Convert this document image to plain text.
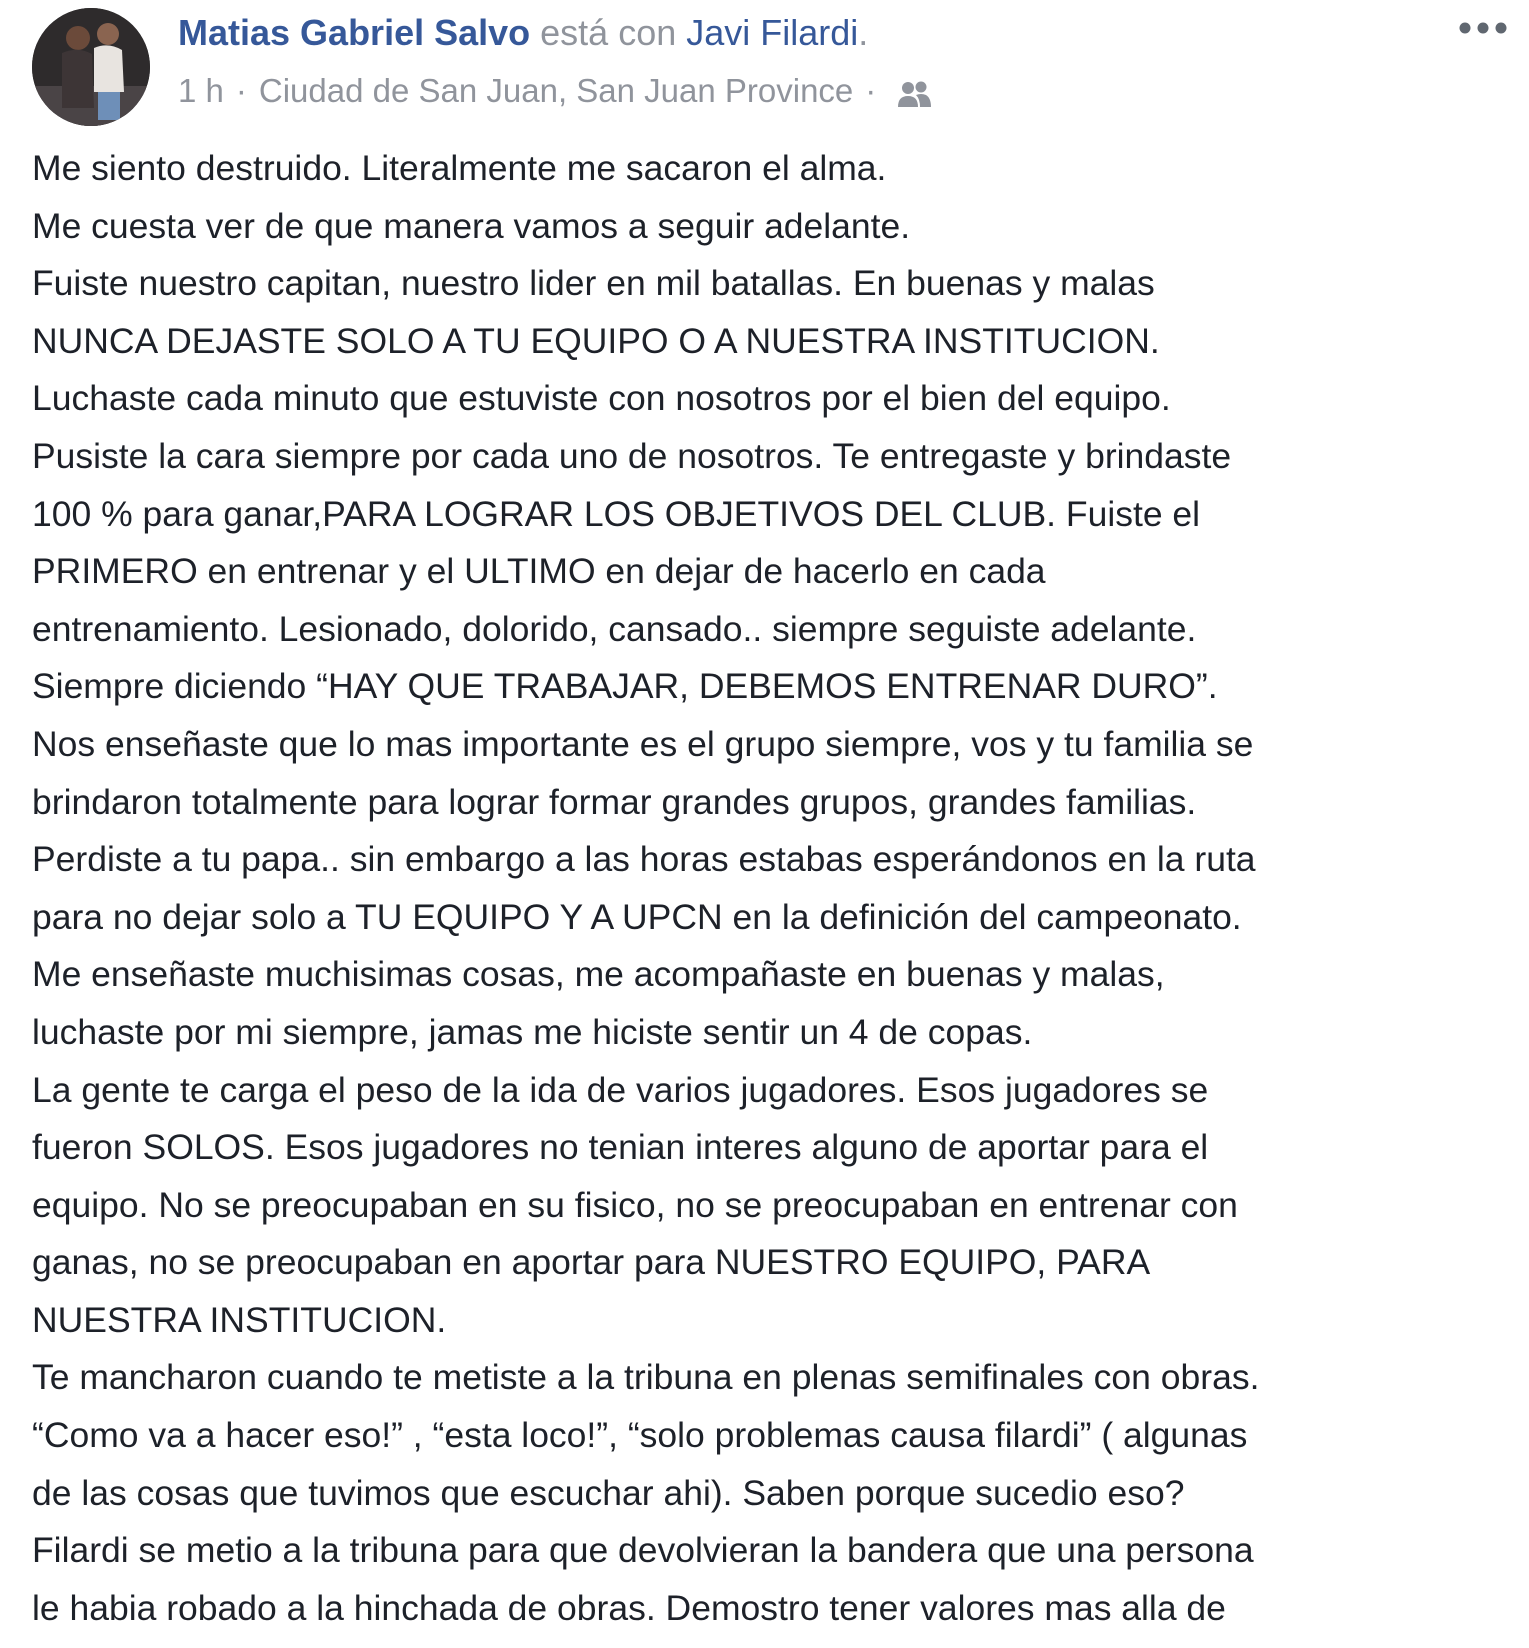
Matias Gabriel Salvo está con Javi Filardi.
1 h · Ciudad de San Juan, San Juan Province ·

Me siento destruido. Literalmente me sacaron el alma.

Me cuesta ver de que manera vamos a seguir adelante.

Fuiste nuestro capitan, nuestro lider en mil batallas. En buenas y malas

NUNCA DEJASTE SOLO A TU EQUIPO O A NUESTRA INSTITUCION.

Luchaste cada minuto que estuviste con nosotros por el bien del equipo.

Pusiste la cara siempre por cada uno de nosotros. Te entregaste y brindaste

100 % para ganar,PARA LOGRAR LOS OBJETIVOS DEL CLUB. Fuiste el

PRIMERO en entrenar y el ULTIMO en dejar de hacerlo en cada

entrenamiento. Lesionado, dolorido, cansado.. siempre seguiste adelante.

Siempre diciendo “HAY QUE TRABAJAR, DEBEMOS ENTRENAR DURO”.

Nos enseñaste que lo mas importante es el grupo siempre, vos y tu familia se

brindaron totalmente para lograr formar grandes grupos, grandes familias.

Perdiste a tu papa.. sin embargo a las horas estabas esperándonos en la ruta

para no dejar solo a TU EQUIPO Y A UPCN en la definición del campeonato.

Me enseñaste muchisimas cosas, me acompañaste en buenas y malas,

luchaste por mi siempre, jamas me hiciste sentir un 4 de copas.

La gente te carga el peso de la ida de varios jugadores. Esos jugadores se

fueron SOLOS. Esos jugadores no tenian interes alguno de aportar para el

equipo. No se preocupaban en su fisico, no se preocupaban en entrenar con

ganas, no se preocupaban en aportar para NUESTRO EQUIPO, PARA

NUESTRA INSTITUCION.

Te mancharon cuando te metiste a la tribuna en plenas semifinales con obras.

“Como va a hacer eso!” , “esta loco!”, “solo problemas causa filardi” ( algunas

de las cosas que tuvimos que escuchar ahi). Saben porque sucedio eso?

Filardi se metio a la tribuna para que devolvieran la bandera que una persona

le habia robado a la hinchada de obras. Demostro tener valores mas alla de
